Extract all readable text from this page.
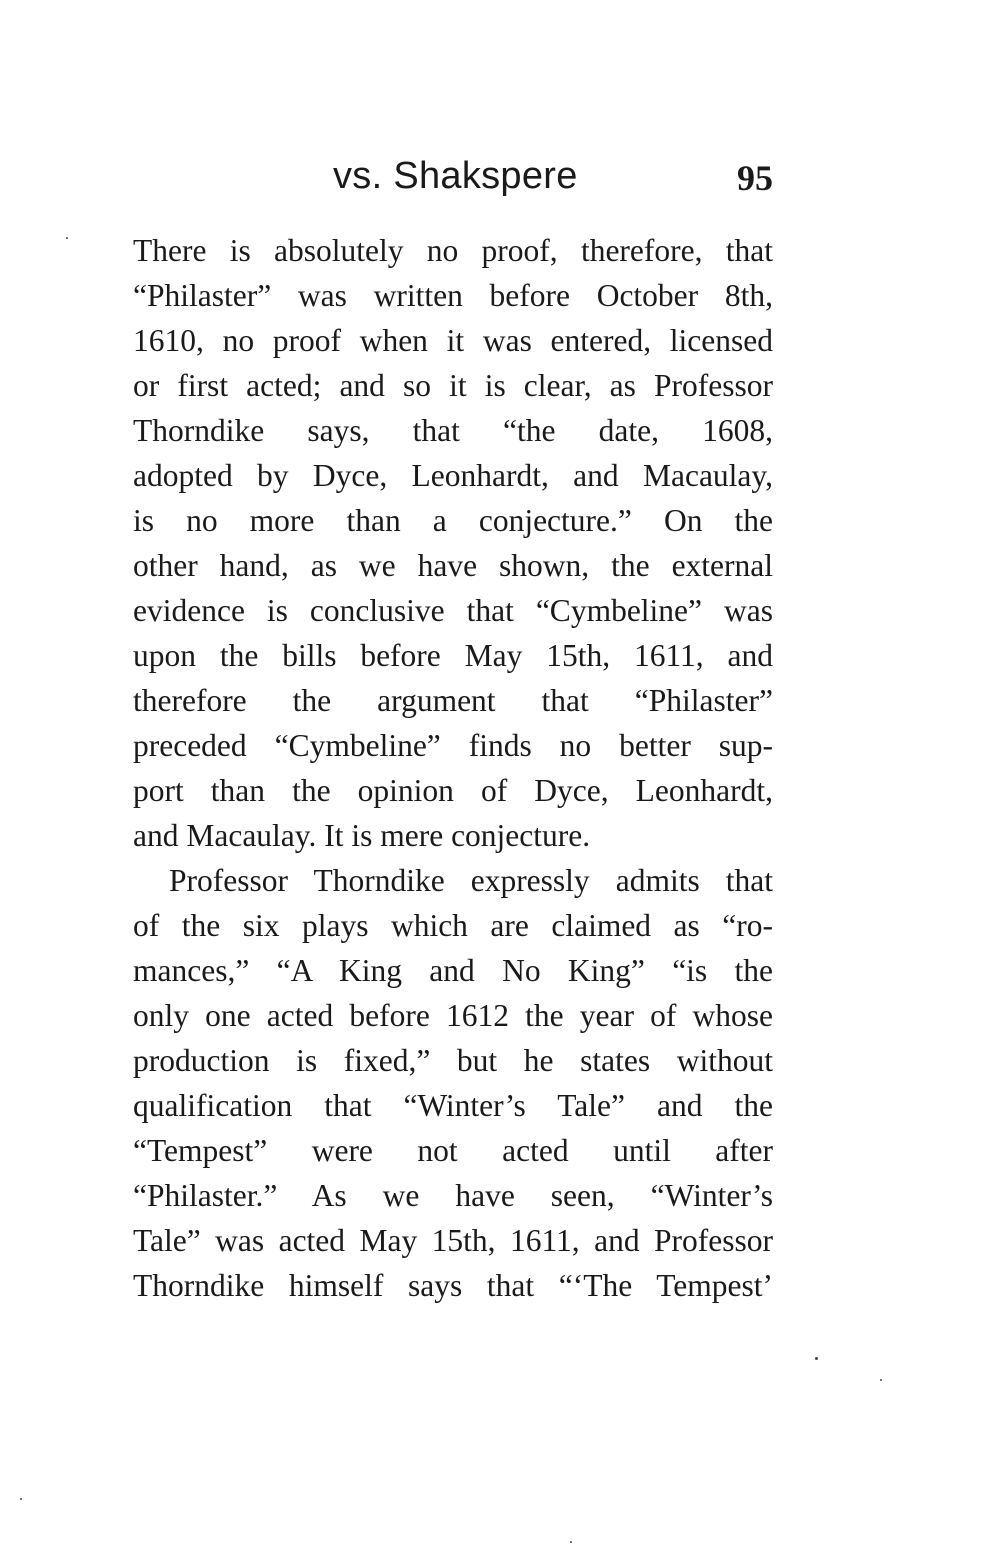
vs. Shakspere	95
There is absolutely no proof, therefore, that
“Philaster” was written before October 8th,
1610, no proof when it was entered, licensed
or first acted; and so it is clear, as Professor
Thorndike says, that “the date, 1608,
adopted by Dyce, Leonhardt, and Macaulay,
is no more than a conjecture.” On the
other hand, as we have shown, the external
evidence is conclusive that “Cymbeline” was
upon the bills before May 15th, 1611, and
therefore the argument that “Philaster”
preceded “Cymbeline” finds no better sup-
port than the opinion of Dyce, Leonhardt,
and Macaulay. It is mere conjecture.
Professor Thorndike expressly admits that
of the six plays which are claimed as “ro-
mances,” “A King and No King” “is the
only one acted before 1612 the year of whose
production is fixed,” but he states without
qualification that “Winter’s Tale” and the
“Tempest” were not acted until after
“Philaster.” As we have seen, “Winter’s
Tale” was acted May 15th, 1611, and Professor
Thorndike himself says that “‘The Tempest’
